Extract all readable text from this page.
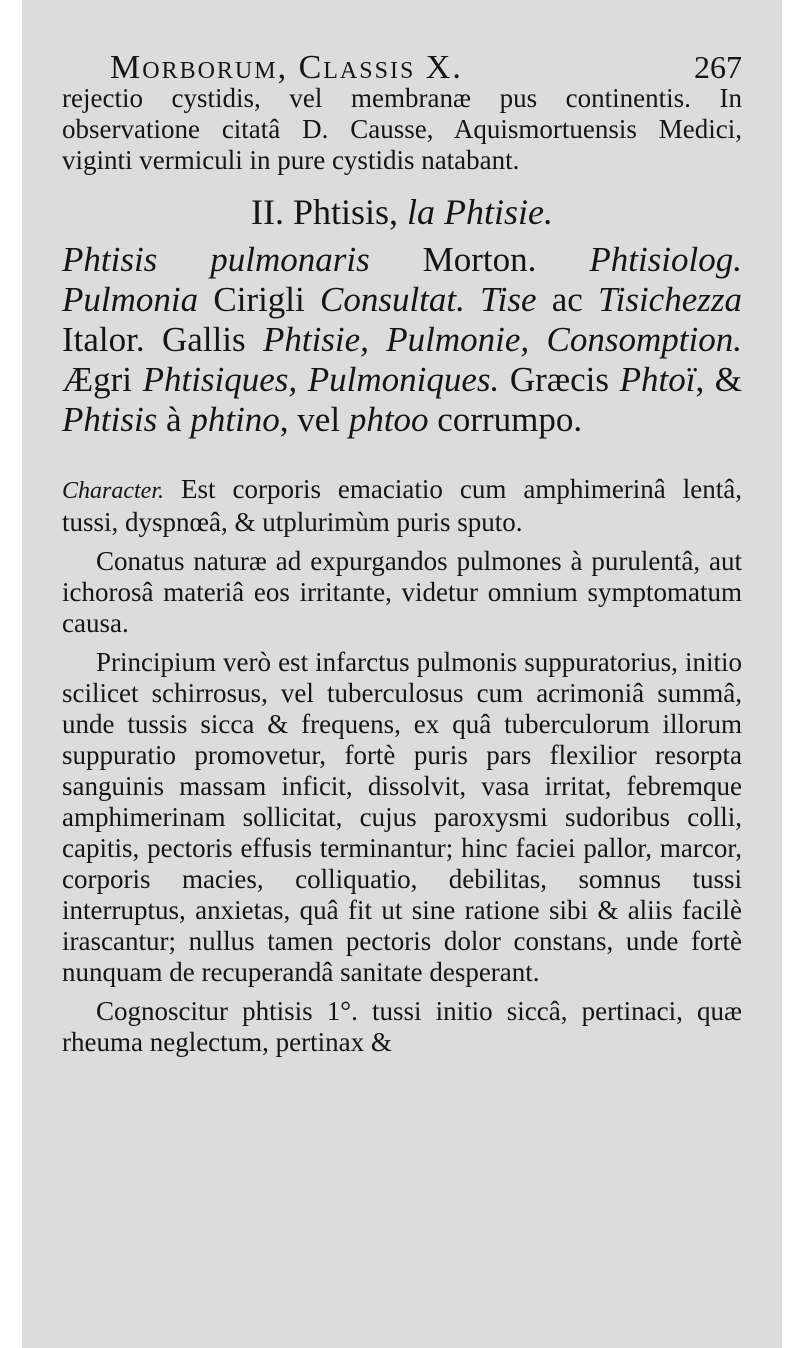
Morborum, Classis X.	267

rejectio cystidis, vel membranæ pus continentis. In observatione citatâ D. Causse, Aquismortuensis Medici, viginti vermiculi in pure cystidis natabant.

II. Phtisis, la Phtisie.

Phtisis pulmonaris Morton. Phtisiolog. Pulmonia Cirigli Consultat. Tise ac Tisichezza Italor. Gallis Phtisie, Pulmonie, Consomption. Ægri Phtisiques, Pulmoniques. Græcis Phtoï, & Phtisis à phtino, vel phtoo corrumpo.

Character. Est corporis emaciatio cum amphimerinâ lentâ, tussi, dyspnœâ, & utplurimùm puris sputo.

Conatus naturæ ad expurgandos pulmones à purulentâ, aut ichorosâ materiâ eos irritante, videtur omnium symptomatum causa.

Principium verò est infarctus pulmonis suppuratorius, initio scilicet schirrosus, vel tuberculosus cum acrimoniâ summâ, unde tussis sicca & frequens, ex quâ tuberculorum illorum suppuratio promovetur, fortè puris pars flexilior resorpta sanguinis massam inficit, dissolvit, vasa irritat, febremque amphimerinam sollicitat, cujus paroxysmi sudoribus colli, capitis, pectoris effusis terminantur; hinc faciei pallor, marcor, corporis macies, colliquatio, debilitas, somnus tussi interruptus, anxietas, quâ fit ut sine ratione sibi & aliis facilè irascantur; nullus tamen pectoris dolor constans, unde fortè nunquam de recuperandâ sanitate desperant.

Cognoscitur phtisis 1°. tussi initio siccâ, pertinaci, quæ rheuma neglectum, pertinax &
